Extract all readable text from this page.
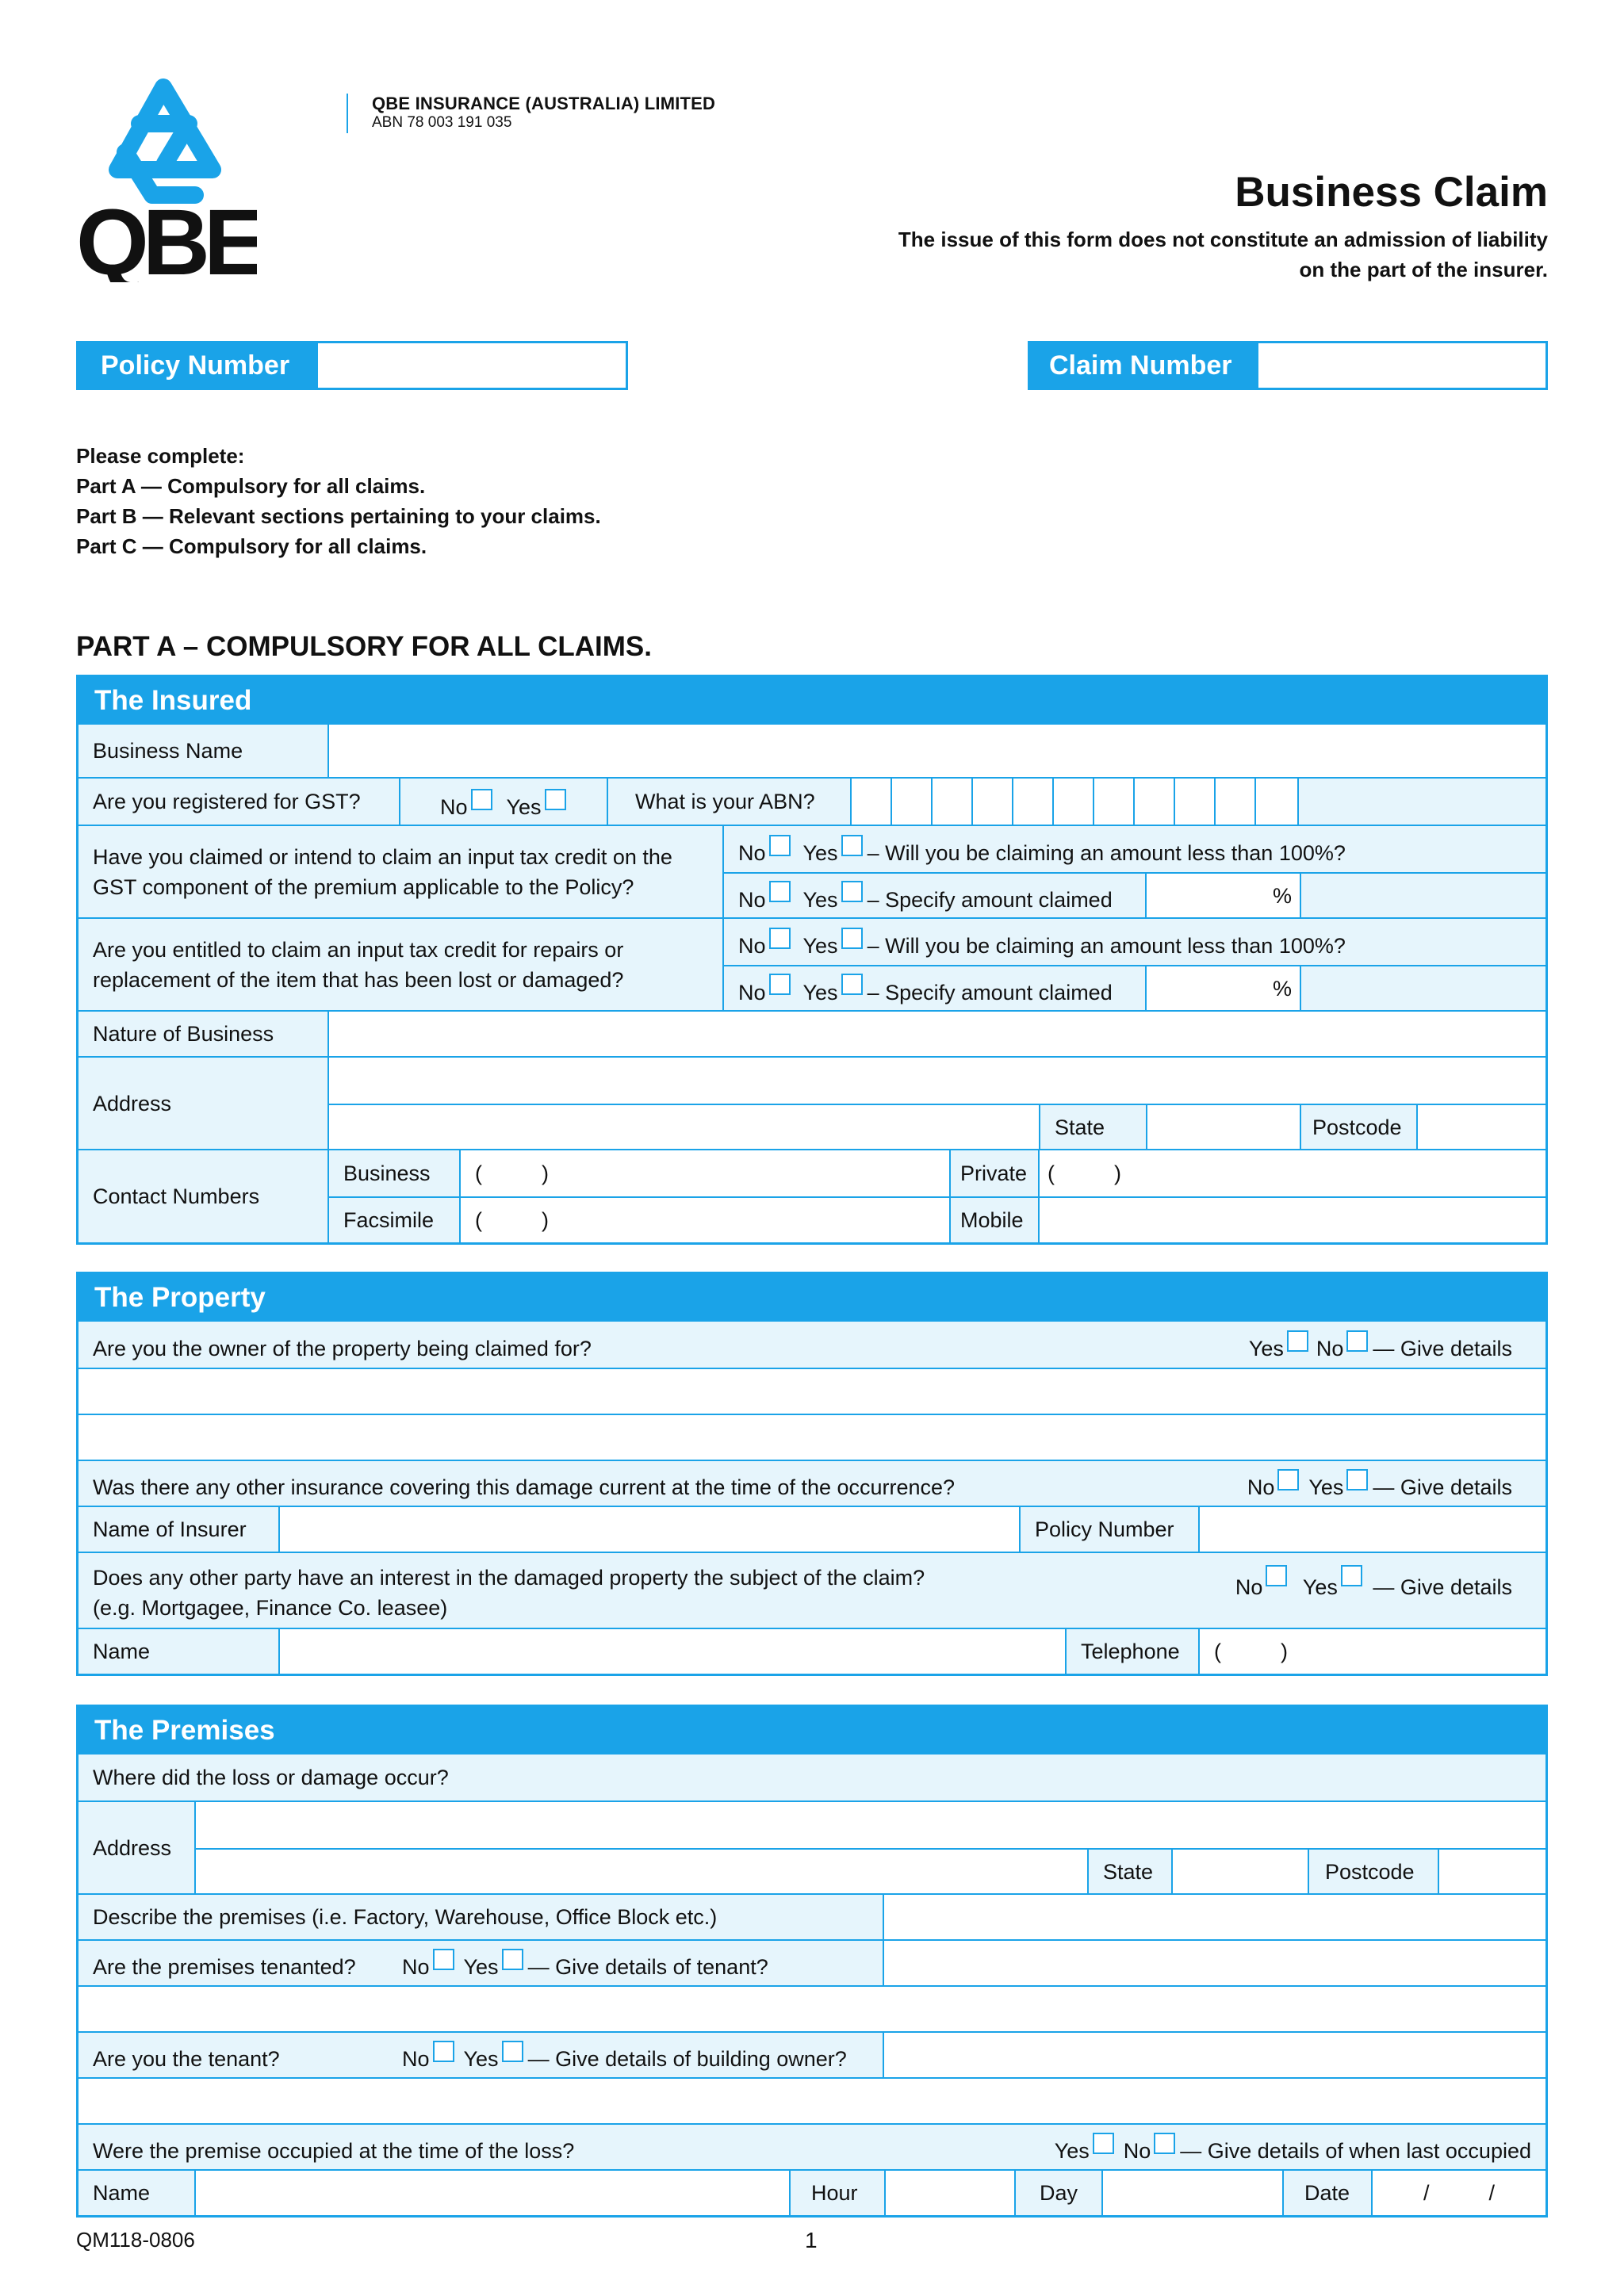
QBE
QBE INSURANCE (AUSTRALIA) LIMITED
ABN 78 003 191 035
Business Claim
The issue of this form does not constitute an admission of liability on the part of the insurer.
Policy Number	Claim Number
Please complete:
Part A — Compulsory for all claims.
Part B — Relevant sections pertaining to your claims.
Part C — Compulsory for all claims.
PART A – COMPULSORY FOR ALL CLAIMS.
The Insured
Business Name
Are you registered for GST?	No Yes	What is your ABN?
Have you claimed or intend to claim an input tax credit on the GST component of the premium applicable to the Policy?
No Yes – Will you be claiming an amount less than 100%?
No Yes – Specify amount claimed	%
Are you entitled to claim an input tax credit for repairs or replacement of the item that has been lost or damaged?
No Yes – Will you be claiming an amount less than 100%?
No Yes – Specify amount claimed	%
Nature of Business
Address
State	Postcode
Contact Numbers
Business	(          )	Private (          )
Facsimile	(          )	Mobile
The Property
Are you the owner of the property being claimed for?	Yes No — Give details
Was there any other insurance covering this damage current at the time of the occurrence?	No Yes — Give details
Name of Insurer	Policy Number
Does any other party have an interest in the damaged property the subject of the claim?
(e.g. Mortgagee, Finance Co. leasee)
No Yes — Give details
Name	Telephone	(          )
The Premises
Where did the loss or damage occur?
Address
State	Postcode
Describe the premises (i.e. Factory, Warehouse, Office Block etc.)
Are the premises tenanted?	No Yes — Give details of tenant?
Are you the tenant?	No Yes — Give details of building owner?
Were the premise occupied at the time of the loss?	Yes No — Give details of when last occupied
Name	Hour	Day	Date	/          /
QM118-0806	1
